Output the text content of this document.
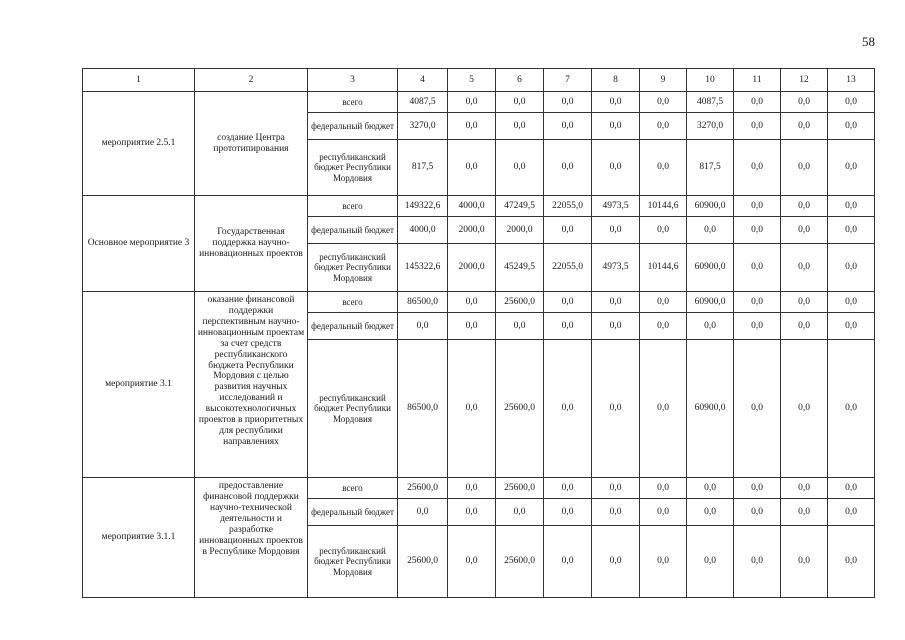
58
1	2	3	4	5	6	7	8	9	10	11	12	13
мероприятие 2.5.1	создание Центра прототипирования	всего	4087,5	0,0	0,0	0,0	0,0	0,0	4087,5	0,0	0,0	0,0
		федеральный бюджет	3270,0	0,0	0,0	0,0	0,0	0,0	3270,0	0,0	0,0	0,0
		республиканский бюджет Республики Мордовия	817,5	0,0	0,0	0,0	0,0	0,0	817,5	0,0	0,0	0,0
Основное мероприятие 3	Государственная поддержка научно-инновационных проектов	всего	149322,6	4000,0	47249,5	22055,0	4973,5	10144,6	60900,0	0,0	0,0	0,0
		федеральный бюджет	4000,0	2000,0	2000,0	0,0	0,0	0,0	0,0	0,0	0,0	0,0
		республиканский бюджет Республики Мордовия	145322,6	2000,0	45249,5	22055,0	4973,5	10144,6	60900,0	0,0	0,0	0,0
мероприятие 3.1	оказание финансовой поддержки перспективным научно-инновационным проектам за счет средств республиканского бюджета Республики Мордовия с целью развития научных исследований и высокотехнологичных проектов в приоритетных для республики направлениях	всего	86500,0	0,0	25600,0	0,0	0,0	0,0	60900,0	0,0	0,0	0,0
		федеральный бюджет	0,0	0,0	0,0	0,0	0,0	0,0	0,0	0,0	0,0	0,0
		республиканский бюджет Республики Мордовия	86500,0	0,0	25600,0	0,0	0,0	0,0	60900,0	0,0	0,0	0,0
мероприятие 3.1.1	предоставление финансовой поддержки научно-технической деятельности и разработке инновационных проектов в Республике Мордовия	всего	25600,0	0,0	25600,0	0,0	0,0	0,0	0,0	0,0	0,0	0,0
		федеральный бюджет	0,0	0,0	0,0	0,0	0,0	0,0	0,0	0,0	0,0	0,0
		республиканский бюджет Республики Мордовия	25600,0	0,0	25600,0	0,0	0,0	0,0	0,0	0,0	0,0	0,0
